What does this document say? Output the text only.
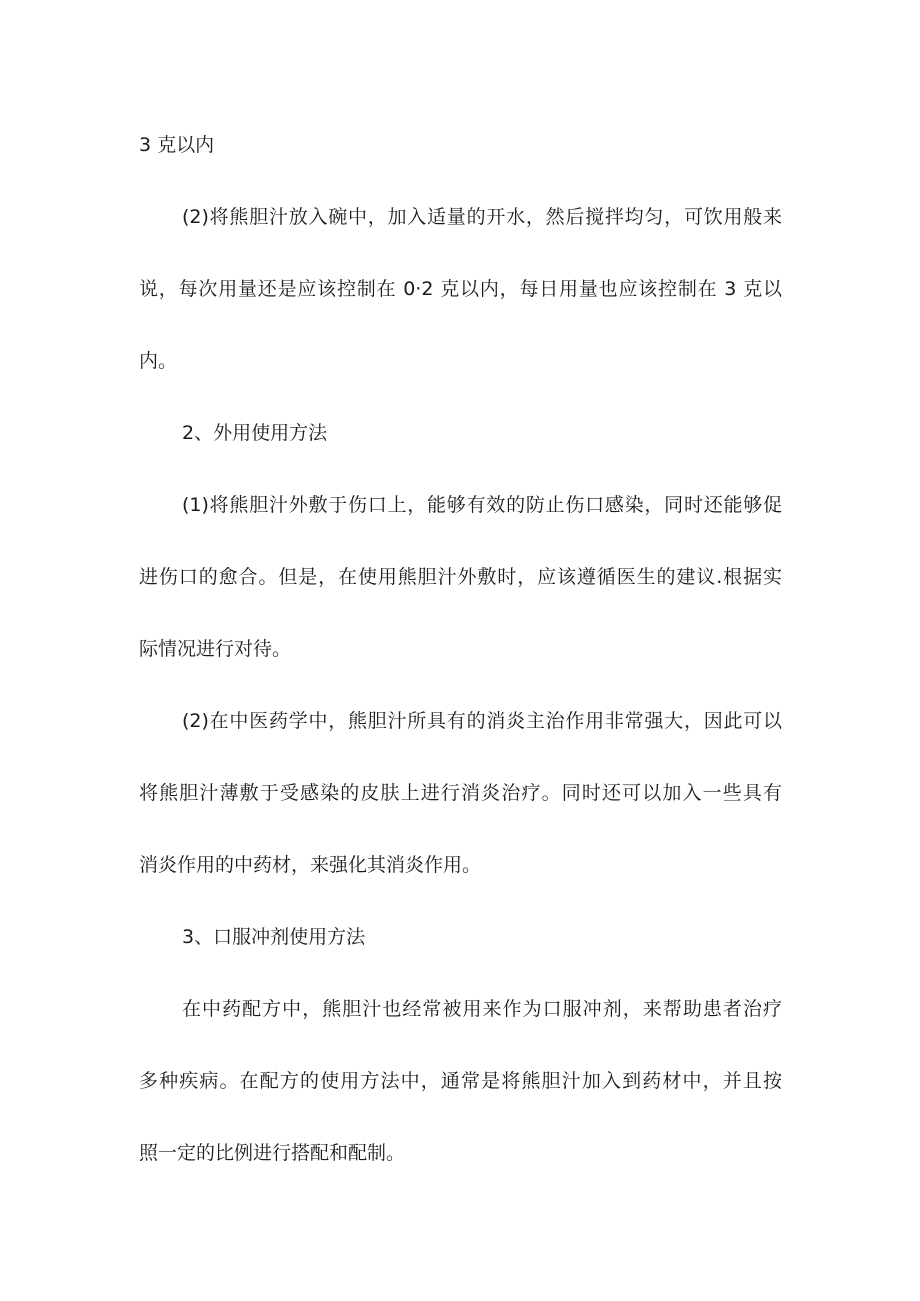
3 克以内
(2)将熊胆汁放入碗中，加入适量的开水，然后搅拌均匀，可饮用般来
说，每次用量还是应该控制在 0·2 克以内，每日用量也应该控制在 3 克以
内。
2、外用使用方法
(1)将熊胆汁外敷于伤口上，能够有效的防止伤口感染，同时还能够促
进伤口的愈合。但是，在使用熊胆汁外敷时，应该遵循医生的建议.根据实
际情况进行对待。
(2)在中医药学中，熊胆汁所具有的消炎主治作用非常强大，因此可以
将熊胆汁薄敷于受感染的皮肤上进行消炎治疗。同时还可以加入一些具有
消炎作用的中药材，来强化其消炎作用。
3、口服冲剂使用方法
在中药配方中，熊胆汁也经常被用来作为口服冲剂，来帮助患者治疗
多种疾病。在配方的使用方法中，通常是将熊胆汁加入到药材中，并且按
照一定的比例进行搭配和配制。
